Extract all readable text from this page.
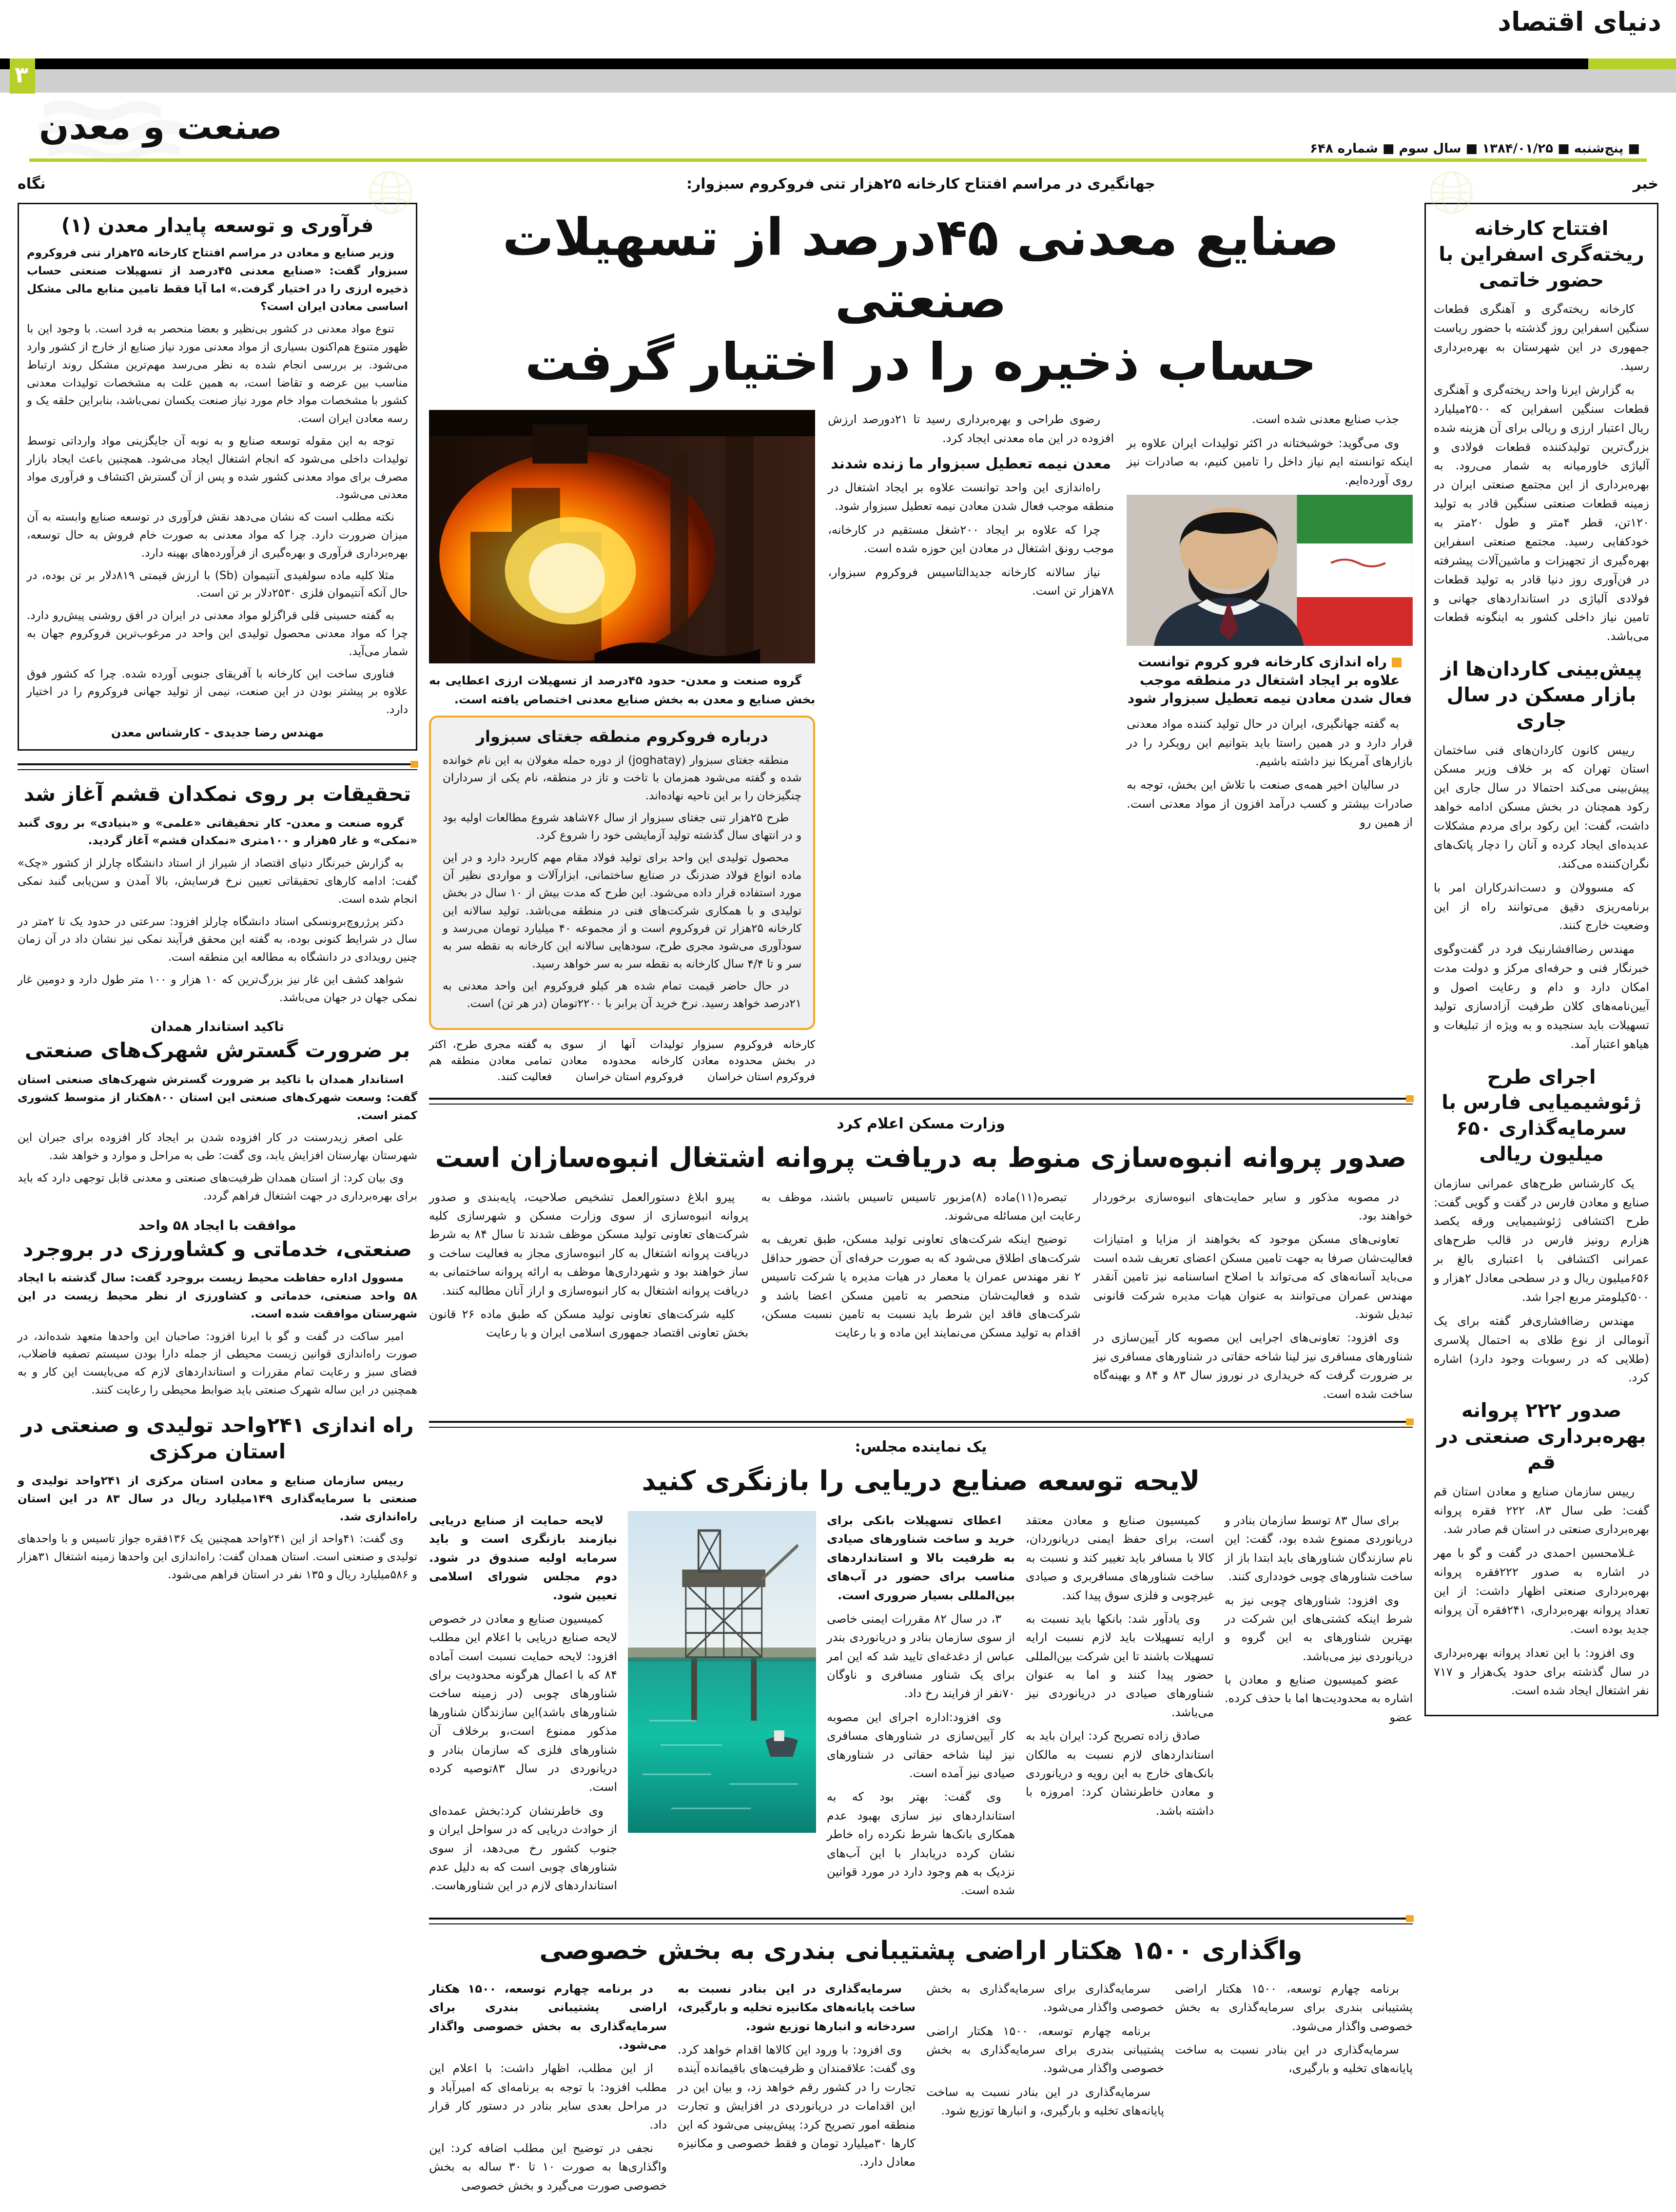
دنیای اقتصاد
۳
صنعت و معدن
■ پنج‌شنبه ■ ۱۳۸۴/۰۱/۲۵ ■ سال سوم ■ شماره ۶۴۸
خبر
افتتاح کارخانه ریخته‌گری اسفراین با حضور خاتمی

کارخانه ریخته‌گری و آهنگری قطعات سنگین اسفراین روز گذشته با حضور ریاست جمهوری در این شهرستان به بهره‌برداری رسید.

به گزارش ایرنا واحد ریخته‌گری و آهنگری قطعات سنگین اسفراین که ۲۵۰۰میلیارد ریال اعتبار ارزی و ریالی برای آن هزینه شده بزرگ‌ترین تولیدکننده قطعات فولادی و آلیاژی خاورمیانه به شمار می‌رود. به بهره‌برداری از این مجتمع صنعتی ایران در زمینه قطعات صنعتی سنگین قادر به تولید ۱۲۰تن، قطر ۴متر و طول ۲۰متر به خودکفایی رسید. مجتمع صنعتی اسفراین بهره‌گیری از تجهیزات و ماشین‌آلات پیشرفته در فن‌آوری روز دنیا قادر به تولید قطعات فولادی آلیاژی در استانداردهای جهانی و تامین نیاز داخلی کشور به اینگونه قطعات می‌باشد.

پیش‌بینی کاردان‌ها از بازار مسکن در سال جاری

رییس کانون کاردان‌های فنی ساختمان استان تهران که بر خلاف وزیر مسکن پیش‌بینی می‌کند احتمالا در سال جاری این رکود همچنان در بخش مسکن ادامه خواهد داشت، گفت: این رکود برای مردم مشکلات عدیده‌ای ایجاد کرده و آنان را دچار پاتک‌های نگران‌کننده می‌کند.

که مسوولان و دست‌اندرکاران امر با برنامه‌ریزی دقیق می‌توانند راه از این وضعیت خارج کنند.

مهندس رضاافشارنیک فرد در گفت‌وگوی خبرنگار فنی و حرفه‌ای مرکز و دولت مدت امکان دارد و دام و رعایت اصول و آیین‌نامه‌های کلان طرفیت آزادسازی تولید تسهیلات باید سنجیده و به ویژه از تبلیغات و هیاهو اعتبار آمد.

اجرای طرح ژئوشیمیایی فارس با سرمایه‌گذاری ۶۵۰ میلیون ریالی

یک کارشناس طرح‌های عمرانی سازمان صنایع و معادن فارس در گفت و گویی گفت: طرح اکتشافی ژئوشیمیایی ورقه یکصد هزارم رونیز فارس در قالب طرح‌های عمرانی اکتشافی با اعتباری بالغ بر ۶۵۶میلیون ریال و در سطحی معادل ۲هزار و ۵۰۰کیلومتر مربع اجرا شد.

مهندس رضاافشاری‌فر گفته برای یک آنومالی از نوع طلای به احتمال پلاسری (طلایی که در رسوبات وجود دارد) اشاره کرد.

صدور ۲۲۲ پروانه بهره‌برداری صنعتی در قم

رییس سازمان صنایع و معادن استان قم گفت: طی سال ۸۳، ۲۲۲ فقره پروانه بهره‌برداری صنعتی در استان قم صادر شد.

غـلامحسین احمدی در گفت و گو با مهر در اشاره به صدور ۲۲۲فقره پروانه بهره‌برداری صنعتی اظهار داشت: از این تعداد پروانه بهره‌برداری، ۲۴۱فقره آن پروانه جدید بوده است.

وی افزود: با این تعداد پروانه بهره‌برداری در سال گذشته برای حدود یک‌هزار و ۷۱۷ نفر اشتغال ایجاد شده است.

نگاه
فرآوری و توسعه پایدار معدن (۱)

وزیر صنایع و معادن در مراسم افتتاح کارخانه ۲۵هزار تنی فروکروم سبزوار گفت: «صنایع معدنی ۴۵درصد از تسهیلات صنعتی حساب ذخیره ارزی را در اختیار گرفت.» اما آیا فقط تامین منابع مالی مشکل اساسی معادن ایران است؟

تنوع مواد معدنی در کشور بی‌نظیر و بعضا منحصر به فرد است. با وجود این با ظهور متنوع هم‌اکنون بسیاری از مواد معدنی مورد نیاز صنایع از خارج از کشور وارد می‌شود. بر بررسی انجام شده به نظر می‌رسد مهم‌ترین مشکل روند ارتباط مناسب بین عرضه و تقاضا است، به همین علت به مشخصات تولیدات معدنی کشور با مشخصات مواد خام مورد نیاز صنعت یکسان نمی‌باشد، بنابراین حلقه یک و رسه معادن ایران است.

توجه به این مقوله توسعه صنایع و به نوبه آن جایگزینی مواد وارداتی توسط تولیدات داخلی می‌شود که انجام اشتغال ایجاد می‌شود. همچنین باعث ایجاد بازار مصرف برای مواد معدنی کشور شده و پس از آن گسترش اکتشاف و فرآوری مواد معدنی می‌شود.

نکته مطلب است که نشان می‌دهد نقش فرآوری در توسعه صنایع وابسته به آن میزان ضرورت دارد. چرا که مواد معدنی به صورت خام فروش به حال توسعه، بهره‌برداری فرآوری و بهره‌گیری از فرآورده‌های بهینه دارد.

مثلا کلیه ماده سولفیدی آنتیموان (Sb) با ارزش قیمتی ۸۱۹دلار بر تن بوده، در حال آنکه آنتیموان فلزی ۲۵۳۰دلار بر تن است.

به گفته حسینی قلی قراگزلو مواد معدنی در ایران در افق روشنی پیش‌رو دارد. چرا که مواد معدنی محصول تولیدی این واحد در مرغوب‌ترین فروکروم جهان به شمار می‌آید.

فناوری ساخت این کارخانه با آفریقای جنوبی آورده شده. چرا که کشور فوق علاوه بر پیشتر بودن در این صنعت، نیمی از تولید جهانی فروکروم را در اختیار دارد.

مهندس رضا جدیدی - کارشناس معدن
تحقیقات بر روی نمکدان قشم آغاز شد

گروه صنعت و معدن- کار تحقیقاتی «علمی» و «بنیادی» بر روی گنبد «نمکی» و غار ۵هزار و ۱۰۰متری «نمکدان قشم» آغاز گردید.

به گزارش خبرنگار دنیای اقتصاد از شیراز از استاد دانشگاه چارلز از کشور «چک» گفت: ادامه کارهای تحقیقاتی تعیین نرخ فرسایش، بالا آمدن و سن‌یابی گنبد نمکی انجام شده است.

دکتر پرژروچ‌برونسکی استاد دانشگاه چارلز افزود: سرعتی در حدود یک تا ۲متر در سال در شرایط کنونی بوده، به گفته این محقق فرآیند نمکی نیز نشان داد در آن زمان چنین رویدادی در دانشگاه به مطالعه این منطقه است.

شواهد کشف این غار نیز بزرگ‌ترین که ۱۰ هزار و ۱۰۰ متر طول دارد و دومین غار نمکی جهان در جهان می‌باشد.

تاکید استاندار همدان
بر ضرورت گسترش شهرک‌های صنعتی

استاندار همدان با تاکید بر ضرورت گسترش شهرک‌های صنعتی استان گفت: وسعت شهرک‌های صنعتی این استان ۸۰۰هکتار از متوسط کشوری کمتر است.

علی اصغر زیدرسنت در کار افزوده شدن بر ایجاد کار افزوده برای جبران این شهرستان بهارستان افزایش یابد، وی گفت: طی به مراحل و موارد و خواهد شد.

وی بیان کرد: از استان همدان ظرفیت‌های صنعتی و معدنی قابل توجهی دارد که باید برای بهره‌برداری در جهت اشتغال فراهم گردد.

موافقت با ایجاد ۵۸ واحد
صنعتی، خدماتی و کشاورزی در بروجرد

مسوول اداره حفاظت محیط زیست بروجرد گفت: سال گذشته با ایجاد ۵۸ واحد صنعتی، خدماتی و کشاورزی از نظر محیط زیست در این شهرستان موافقت شده است.

امیر ساکت در گفت و گو با ایرنا افزود: صاحبان این واحدها متعهد شده‌اند، در صورت راه‌اندازی قوانین زیست محیطی از جمله دارا بودن سیستم تصفیه فاضلاب، فضای سبز و رعایت تمام مقررات و استانداردهای لازم که می‌بایست این کار و به همچنین در این ساله شهرک صنعتی باید ضوابط محیطی را رعایت کنند.

راه اندازی ۲۴۱واحد تولیدی و صنعتی در استان مرکزی

رییس سازمان صنایع و معادن استان مرکزی از ۲۴۱واحد تولیدی و صنعتی با سرمایه‌گذاری ۱۴۹میلیارد ریال در سال ۸۳ در این استان راه‌اندازی شد.

وی گفت: ۴۱واحد از این ۲۴۱واحد همچنین یک ۱۳۶فقره جواز تاسیس و با واحدهای تولیدی و صنعتی است. استان همدان گفت: راه‌اندازی این واحدها زمینه اشتغال ۳۱هزار و ۵۸۶میلیارد ریال و ۱۳۵ نفر در استان فراهم می‌شود.

جهانگیری در مراسم افتتاح کارخانه ۲۵هزار تنی فروکروم سبزوار:
صنایع معدنی ۴۵درصد از تسهیلات صنعتی
حساب ذخیره را در اختیار گرفت

گروه صنعت و معدن- حدود ۴۵درصد از تسهیلات ارزی اعطایی به بخش صنایع و معدن به بخش صنایع معدنی اختصاص یافته است.

درباره فروکروم منطقه جغتای سبزوار

منطقه جغتای سبزوار (joghatay) از دوره حمله مغولان به این نام خوانده شده و گفته می‌شود همزمان با تاخت و تاز در منطقه، نام یکی از سرداران چنگیزخان را بر این ناحیه نهاده‌اند.

طرح ۲۵هزار تنی جغتای سبزوار از سال ۷۶شاهد شروع مطالعات اولیه بود و در انتهای سال گذشته تولید آزمایشی خود را شروع کرد.

محصول تولیدی این واحد برای تولید فولاد مقام مهم کاربرد دارد و در این ماده انواع فولاد ضدزنگ در صنایع ساختمانی، ابزارآلات و مواردی نظیر آن مورد استفاده قرار داده می‌شود. این طرح که مدت بیش از ۱۰ سال در بخش تولیدی و با همکاری شرکت‌های فنی در منطقه می‌باشد. تولید سالانه این کارخانه ۲۵هزار تن فروکروم است و از مجموعه ۴۰ میلیارد تومان می‌رسد و سودآوری می‌شود مجری طرح، سودهایی سالانه این کارخانه به نقطه سر به سر و تا ۴/۴ سال کارخانه به نقطه سر به سر خواهد رسید.

در حال حاضر قیمت تمام شده هر کیلو فروکروم این واحد معدنی به ۲۱درصد خواهد رسید. نرخ خرید آن برابر با ۲۲۰۰تومان (در هر تن) است.

به گفته مجری طرح، اکثر تمامی معادن منطقه هم فعالیت کنند.
تولیدات آنها از سوی کارخانه محدوده معادن فروکروم استان خراسان
کارخانه فروکروم سبزوار در بخش محدوده معادن فروکروم استان خراسان

رضوی طراحی و بهره‌برداری رسید تا ۲۱دورصد ارزش افزوده در این ماه معدنی ایجاد کرد.

معدن نیمه تعطیل سبزوار ما زنده شدند

راه‌اندازی این واحد توانست علاوه بر ایجاد اشتغال در منطقه موجب فعال شدن معادن نیمه تعطیل سبزوار شود.

چرا که علاوه بر ایجاد ۲۰۰شغل مستقیم در کارخانه، موجب رونق اشتغال در معادن این حوزه شده است.

نیاز سالانه کارخانه جدیدالتاسیس فروکروم سبزوار، ۷۸هزار تن است.

جذب صنایع معدنی شده است.

وی می‌گوید: خوشبختانه در اکثر تولیدات ایران علاوه بر اینکه توانسته ایم نیاز داخل را تامین کنیم، به صادرات نیز روی آورده‌ایم.

راه اندازی کارخانه فرو کروم توانست علاوه بر ایجاد اشتغال در منطقه موجب فعال شدن معادن نیمه تعطیل سبزوار شود

به گفته جهانگیری، ایران در حال تولید کننده مواد معدنی قرار دارد و در همین راستا باید بتوانیم این رویکرد را در بازارهای آمریکا نیز داشته باشیم.

در سالیان اخیر همه‌ی صنعت با تلاش این بخش، توجه به صادرات بیشتر و کسب درآمد افزون از مواد معدنی است. از همین رو

وزارت مسکن اعلام کرد
صدور پروانه انبوه‌سازی منوط به دریافت پروانه اشتغال انبوه‌سازان است

پیرو ابلاغ دستورالعمل تشخیص صلاحیت، پایه‌بندی و صدور پروانه انبوه‌سازی از سوی وزارت مسکن و شهرسازی کلیه شرکت‌های تعاونی تولید مسکن موظف شدند تا سال ۸۴ به شرط دریافت پروانه اشتغال به کار انبوه‌سازی مجاز به فعالیت ساخت و ساز خواهند بود و شهرداری‌ها موظف به ارائه پروانه ساختمانی به دریافت پروانه اشتغال به کار انبوه‌سازی و اراز آنان مطالبه کنند.

کلیه شرکت‌های تعاونی تولید مسکن که طبق ماده ۲۶ قانون بخش تعاونی اقتصاد جمهوری اسلامی ایران و با رعایت

تبصره(۱۱)ماده (۸)مزبور تاسیس تاسیس باشند، موظف به رعایت این مسائله می‌شوند.

توضیح اینکه شرکت‌های تعاونی تولید مسکن، طبق تعریف به شرکت‌های اطلاق می‌شود که به صورت حرفه‌ای آن حضور حداقل ۲ نفر مهندس عمران یا معمار در هیات مدیره یا شرکت تاسیس شده و فعالیت‌شان منحصر به تامین مسکن اعضا باشد و شرکت‌های فاقد این شرط باید نسبت به تامین نسبت مسکن، اقدام به تولید مسکن می‌نمایند این ماده و با رعایت

در مصوبه مذکور و سایر حمایت‌های انبوه‌سازی برخوردار خواهند بود.

تعاونی‌های مسکن موجود که بخواهند از مزایا و امتیازات فعالیت‌شان صرفا به جهت تامین مسکن اعضای تعریف شده است می‌باید آسانه‌های که می‌تواند با اصلاح اساسنامه نیز تامین آنقدر مهندس عمران می‌توانند به عنوان هیات مدیره شرکت قانونی تبدیل شوند.

وی افزود: تعاونی‌های اجرایی این مصوبه کار آیین‌سازی در شناورهای مسافری نیز لینا شاخه حقاتی در شناورهای مسافری نیز بر ضرورت گرفت که خریداری در نوروز سال ۸۳ و ۸۴ و بهینه‌گاه ساخت شده است.

یک نماینده مجلس:
لایحه توسعه صنایع دریایی را بازنگری کنید

لایحه حمایت از صنایع دریایی نیازمند بازنگری است و باید سرمایه اولیه صندوق در شود. دوم مجلس شورای اسلامی تعیین شود.

کمیسیون صنایع و معادن در خصوص لایحه صنایع دریایی با اعلام این مطلب افزود: لایحه حمایت نسبت است آماده ۸۴ که با اعمال هرگونه محدودیت برای شناورهای چوبی (در زمینه ساخت شناورهای باشد)این سازندگان شناورها مذکور ممنوع است،و برخلاف آن شناورهای فلزی که سازمان بنادر و دریانوردی در سال ۸۳توصیه کرده است.

وی خاطرنشان کرد:بخش عمده‌ای از حوادث دریایی که در سواحل ایران و جنوب کشور رخ می‌دهد، از سوی شناورهای چوبی است که به دلیل عدم استانداردهای لازم در این شناورهاست.

اعطای تسهیلات بانکی برای خرید و ساخت شناورهای صیادی به ظرفیت بالا و استانداردهای مناسب برای حضور در آب‌های بین‌المللی بسیار ضروری است.

۳، در سال ۸۲ مقررات ایمنی خاصی از سوی سازمان بنادر و دریانوردی بندر عباس از دغدغه‌ای تایید شد که این امر برای یک شناور مسافری و ناوگان ۷۰نفر از فرایند رخ داد.

وی افزود:اداره اجرای این مصوبه کار آیین‌سازی در شناورهای مسافری نیز لینا شاخه حقاتی در شناورهای صیادی نیز آمده است.

وی گفت: بهتر بود که به استانداردهای نیز سازی بهبود عدم همکاری بانک‌ها شرط نکرده راه خاطر نشان کرده دریابدار با این آب‌های نزدیک به هم وجود دارد در مورد قوانین شده است.

کمیسیون صنایع و معادن معتقد است، برای حفظ ایمنی دریانوردان، کالا با مسافر باید تغییر کند و نسبت به ساخت شناورهای مسافربری و صیادی غیرچوبی و فلزی سوق پیدا کند.

وی یادآور شد: بانکها باید نسبت به ارایه تسهیلات باید لازم نسبت ارایه تسهیلات باشند تا این شرکت بین‌المللی حضور پیدا کنند و اما به عنوان شناورهای صیادی در دریانوردی نیز می‌باشد.

صادق زاده تصریح کرد: ایران باید به استانداردهای لازم نسبت به مالکان بانک‌های خارج به این رویه و دریانوردی و معادن خاطرنشان کرد: امروزه با داشته باشد.

برای سال ۸۳ توسط سازمان بنادر و دریانوردی ممنوع شده بود، گفت: این نام سازندگان شناورهای باید ابتدا باز از ساخت شناورهای چوبی خودداری کنند.

وی افزود: شناورهای چوبی نیز به شرط اینکه کشتی‌های این شرکت در بهترین شناورهای به این گروه و دریانوردی نیز می‌باشد.

عضو کمیسیون صنایع و معادن با اشاره به محدودیت‌ها اما با حذف کرده. عضو

واگذاری ۱۵۰۰ هکتار اراضی پشتیبانی بندری به بخش خصوصی

در برنامه چهارم توسعه، ۱۵۰۰ هکتار اراضی پشتیبانی بندری برای سرمایه‌گذاری به بخش خصوصی واگذار می‌شود.

از این مطلب، اظهار داشت: با اعلام این مطلب افزود: با توجه به برنامه‌ای که امیرآباد و در مراحل بعدی سایر بنادر در دستور کار قرار داد.

نجفی در توضیح این مطلب اضافه کرد: این واگذاری‌ها به صورت ۱۰ تا ۳۰ ساله به بخش خصوصی صورت می‌گیرد و بخش خصوصی

سرمایه‌گذاری در این بنادر نسبت به ساخت پایانه‌های مکانیزه تخلیه و بارگیری، سردخانه و انبارها توزیع شود.

وی افزود: با ورود این کالاها اقدام خواهد کرد. وی گفت: علاقمندان و ظرفیت‌های باقیمانده آینده تجارت را در کشور رقم خواهد زد، و بیان این در این اقدامات در دریانوردی در افزایش و تجارت منطقه امور تصریح کرد: پیش‌بینی می‌شود که این کارها ۳۰میلیارد تومان و فقط خصوصی و مکانیزه معادل دارد.

سرمایه‌گذاری برای سرمایه‌گذاری به بخش خصوصی واگذار می‌شود.

برنامه چهارم توسعه، ۱۵۰۰ هکتار اراضی پشتیبانی بندری برای سرمایه‌گذاری به بخش خصوصی واگذار می‌شود.

سرمایه‌گذاری در این بنادر نسبت به ساخت پایانه‌های تخلیه و بارگیری، و انبارها توزیع شود.

برنامه چهارم توسعه، ۱۵۰۰ هکتار اراضی پشتیبانی بندری برای سرمایه‌گذاری به بخش خصوصی واگذار می‌شود.

سرمایه‌گذاری در این بنادر نسبت به ساخت پایانه‌های تخلیه و بارگیری،
